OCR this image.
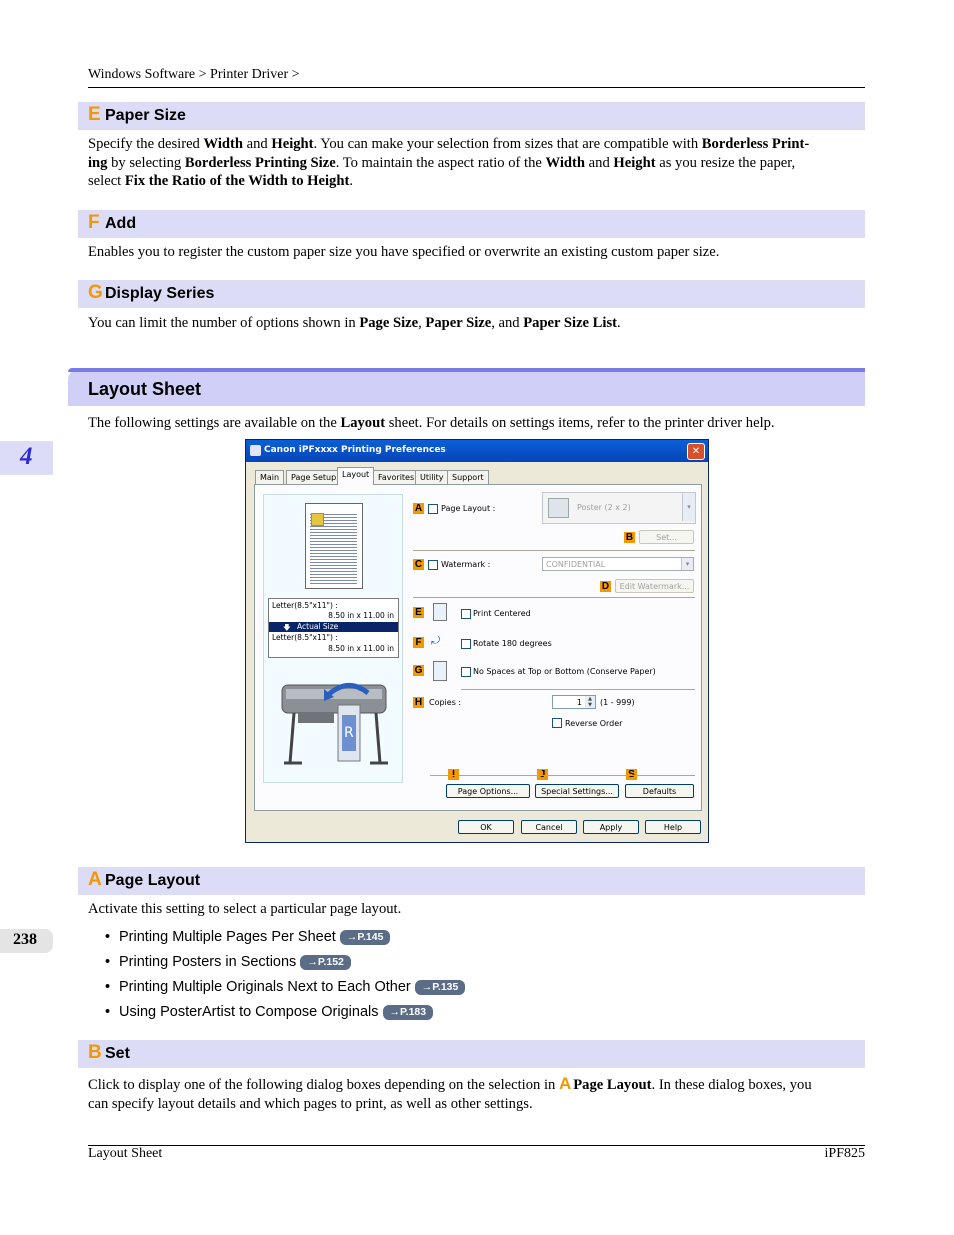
Windows Software > Printer Driver >
E Paper Size
Specify the desired Width and Height. You can make your selection from sizes that are compatible with Borderless Print-
ing by selecting Borderless Printing Size. To maintain the aspect ratio of the Width and Height as you resize the paper,
select Fix the Ratio of the Width to Height.
F Add
Enables you to register the custom paper size you have specified or overwrite an existing custom paper size.
G Display Series
You can limit the number of options shown in Page Size, Paper Size, and Paper Size List.
Layout Sheet
The following settings are available on the Layout sheet. For details on settings items, refer to the printer driver help.
4	Canon iPFxxxx Printing Preferences	✕
Main	Page Setup Layout	Favorites Utility	Support
Letter(8.5"x11") :
8.50 in x 11.00 in
🡇 Actual Size
Letter(8.5"x11") :
8.50 in x 11.00 in
R
A Page Layout :	Poster (2 x 2)	▾
B	Set...
C Watermark :	CONFIDENTIAL	▾
D	Edit Watermark...
E	Print Centered
F ⤾	Rotate 180 degrees
G	No Spaces at Top or Bottom (Conserve Paper)
H Copies :	1	▲
▼	(1 - 999)
Reverse Order
Page Options...	Special Settings...	Defaults
OK	Cancel	Apply	Help
A Page Layout
Activate this setting to select a particular page layout.
238	• Printing Multiple Pages Per Sheet →P.145
• Printing Posters in Sections →P.152
• Printing Multiple Originals Next to Each Other →P.135
• Using PosterArtist to Compose Originals →P.183
B Set
Click to display one of the following dialog boxes depending on the selection in A Page Layout. In these dialog boxes, you
can specify layout details and which pages to print, as well as other settings.
Layout Sheet	iPF825
